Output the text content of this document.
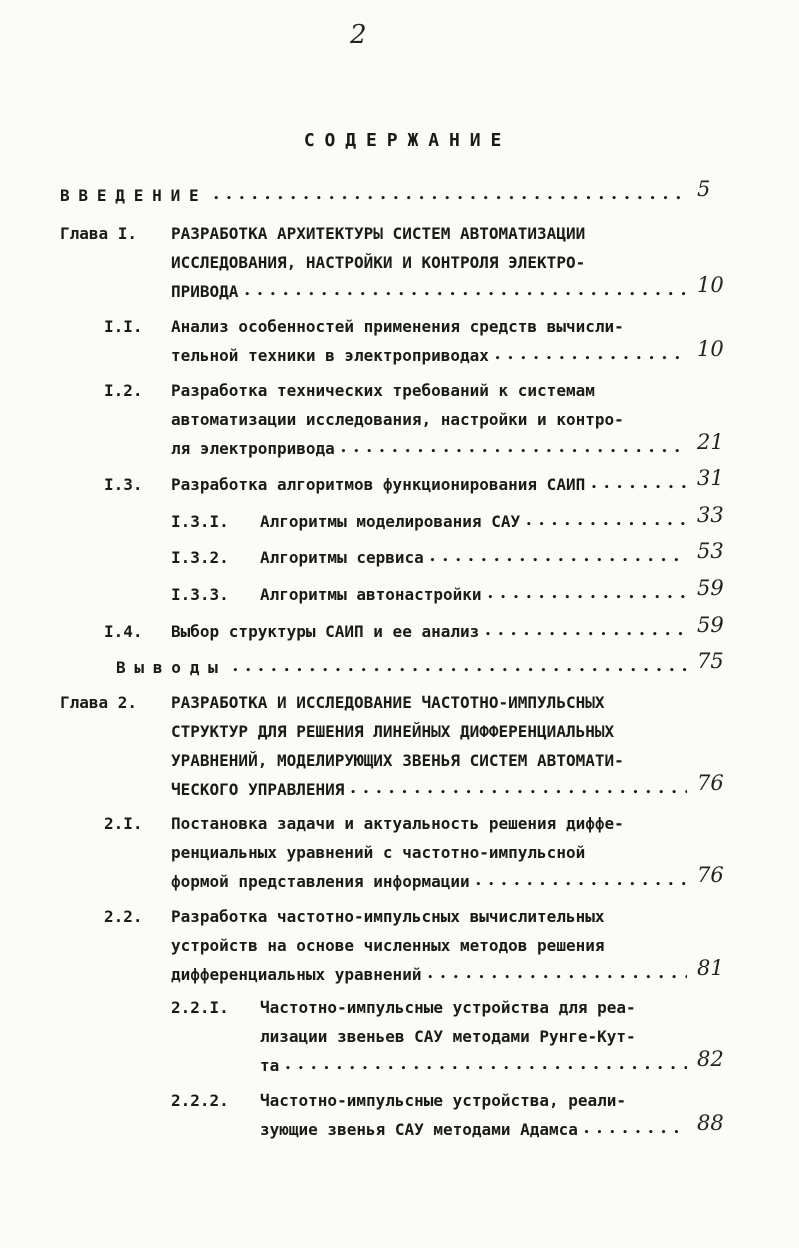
2
СОДЕРЖАНИЕ
ВВЕДЕНИЕ • • •	5
Глава I. РАЗРАБОТКА АРХИТЕКТУРЫ СИСТЕМ АВТОМАТИЗАЦИИ
ИССЛЕДОВАНИЯ, НАСТРОЙКИ И КОНТРОЛЯ ЭЛЕКТРО-
ПРИВОДА • • •	10
I.I. Анализ особенностей применения средств вычисли-
тельной техники в электроприводах • • •	10
I.2. Разработка технических требований к системам
автоматизации исследования, настройки и контро-
ля электропривода • • •	21
I.3. Разработка алгоритмов функционирования САИП • • •	31
I.3.I. Алгоритмы моделирования САУ • • •	33
I.3.2. Алгоритмы сервиса • • •	53
I.3.3. Алгоритмы автонастройки • • •	59
I.4. Выбор структуры САИП и ее анализ • • •	59
Выводы • • •	75
Глава 2. РАЗРАБОТКА И ИССЛЕДОВАНИЕ ЧАСТОТНО-ИМПУЛЬСНЫХ
СТРУКТУР ДЛЯ РЕШЕНИЯ ЛИНЕЙНЫХ ДИФФЕРЕНЦИАЛЬНЫХ
УРАВНЕНИЙ, МОДЕЛИРУЮЩИХ ЗВЕНЬЯ СИСТЕМ АВТОМАТИ-
ЧЕСКОГО УПРАВЛЕНИЯ • • •	76
2.I. Постановка задачи и актуальность решения диффе-
ренциальных уравнений с частотно-импульсной
формой представления информации • • •	76
2.2. Разработка частотно-импульсных вычислительных
устройств на основе численных методов решения
дифференциальных уравнений • • •	81
2.2.I. Частотно-импульсные устройства для реа-
лизации звеньев САУ методами Рунге-Кут-
та • • •	82
2.2.2. Частотно-импульсные устройства, реали-
зующие звенья САУ методами Адамса • • •	88
